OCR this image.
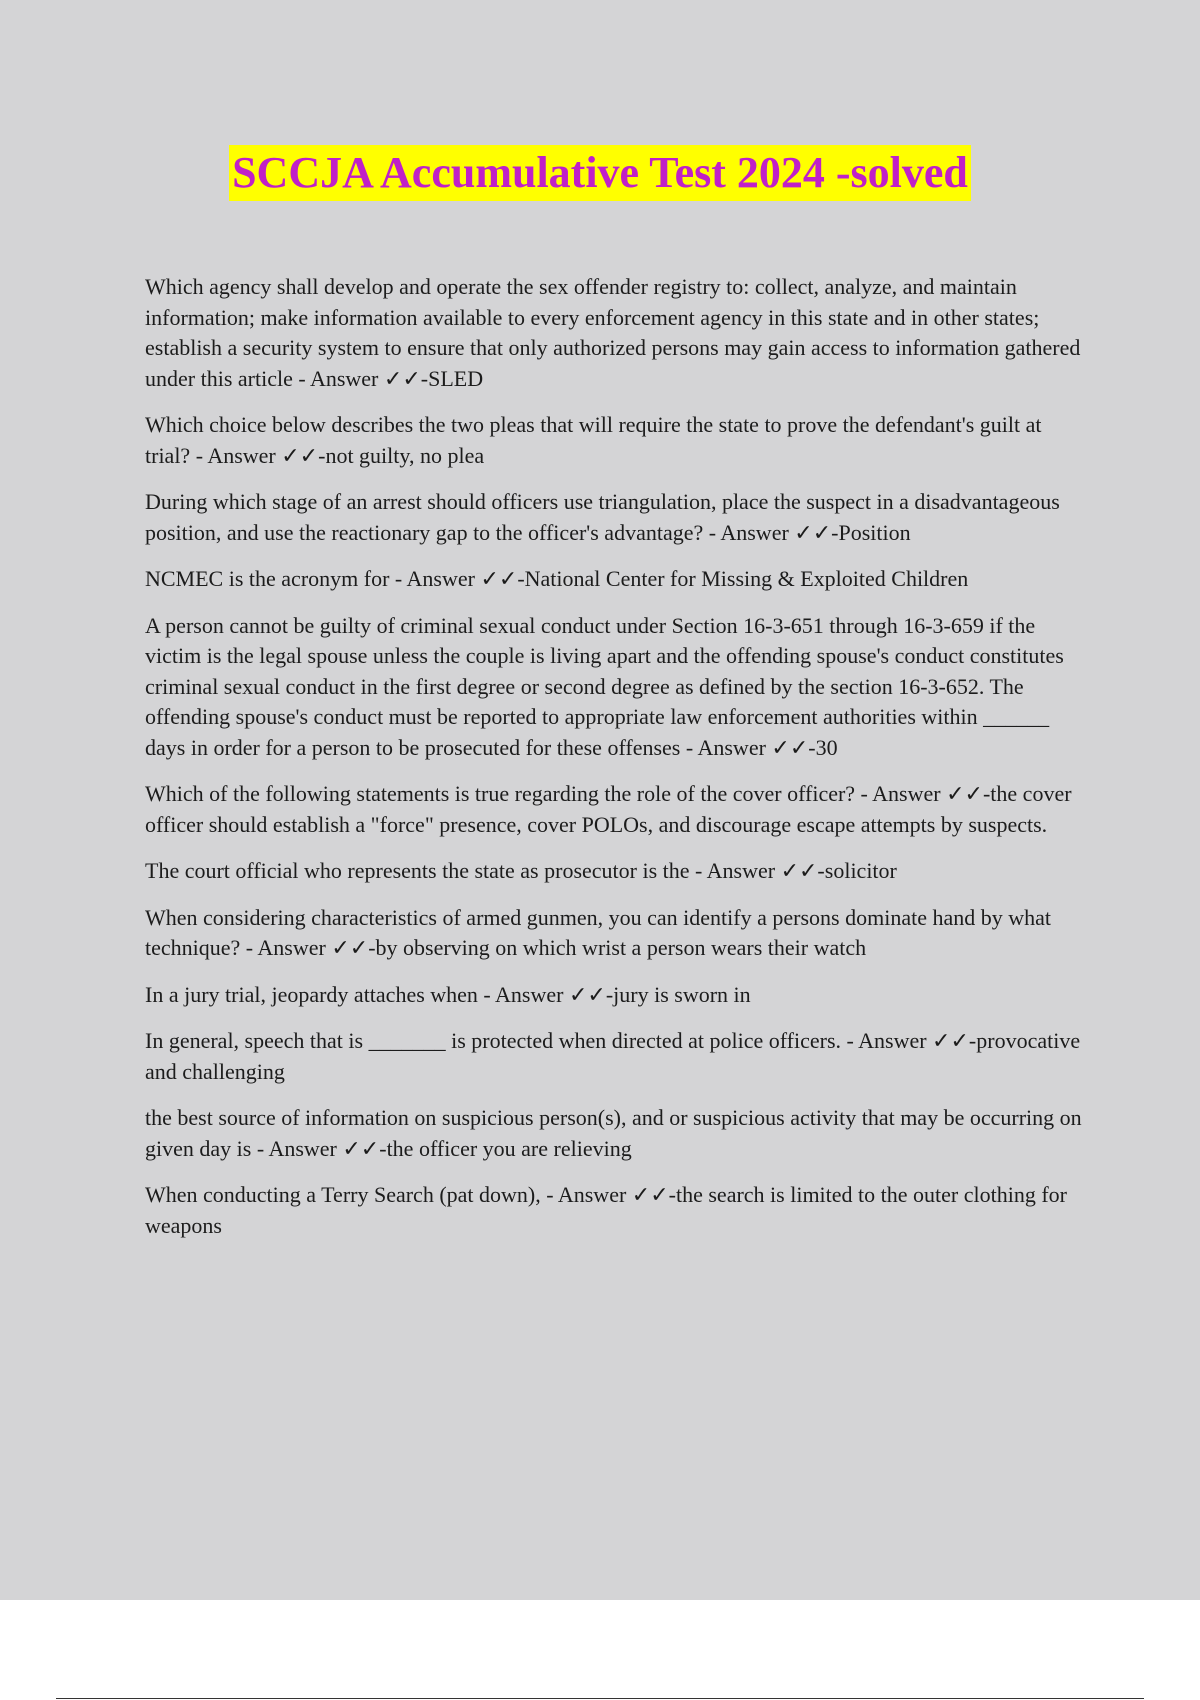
SCCJA Accumulative Test 2024 -solved

Which agency shall develop and operate the sex offender registry to: collect, analyze, and maintain information; make information available to every enforcement agency in this state and in other states; establish a security system to ensure that only authorized persons may gain access to information gathered under this article - Answer ✓✓-SLED

Which choice below describes the two pleas that will require the state to prove the defendant's guilt at trial? - Answer ✓✓-not guilty, no plea

During which stage of an arrest should officers use triangulation, place the suspect in a disadvantageous position, and use the reactionary gap to the officer's advantage? - Answer ✓✓-Position

NCMEC is the acronym for - Answer ✓✓-National Center for Missing & Exploited Children

A person cannot be guilty of criminal sexual conduct under Section 16-3-651 through 16-3-659 if the victim is the legal spouse unless the couple is living apart and the offending spouse's conduct constitutes criminal sexual conduct in the first degree or second degree as defined by the section 16-3-652. The offending spouse's conduct must be reported to appropriate law enforcement authorities within ______ days in order for a person to be prosecuted for these offenses - Answer ✓✓-30

Which of the following statements is true regarding the role of the cover officer? - Answer ✓✓-the cover officer should establish a "force" presence, cover POLOs, and discourage escape attempts by suspects.

The court official who represents the state as prosecutor is the - Answer ✓✓-solicitor

When considering characteristics of armed gunmen, you can identify a persons dominate hand by what technique? - Answer ✓✓-by observing on which wrist a person wears their watch

In a jury trial, jeopardy attaches when - Answer ✓✓-jury is sworn in

In general, speech that is _______ is protected when directed at police officers. - Answer ✓✓-provocative and challenging

the best source of information on suspicious person(s), and or suspicious activity that may be occurring on given day is - Answer ✓✓-the officer you are relieving

When conducting a Terry Search (pat down), - Answer ✓✓-the search is limited to the outer clothing for weapons
